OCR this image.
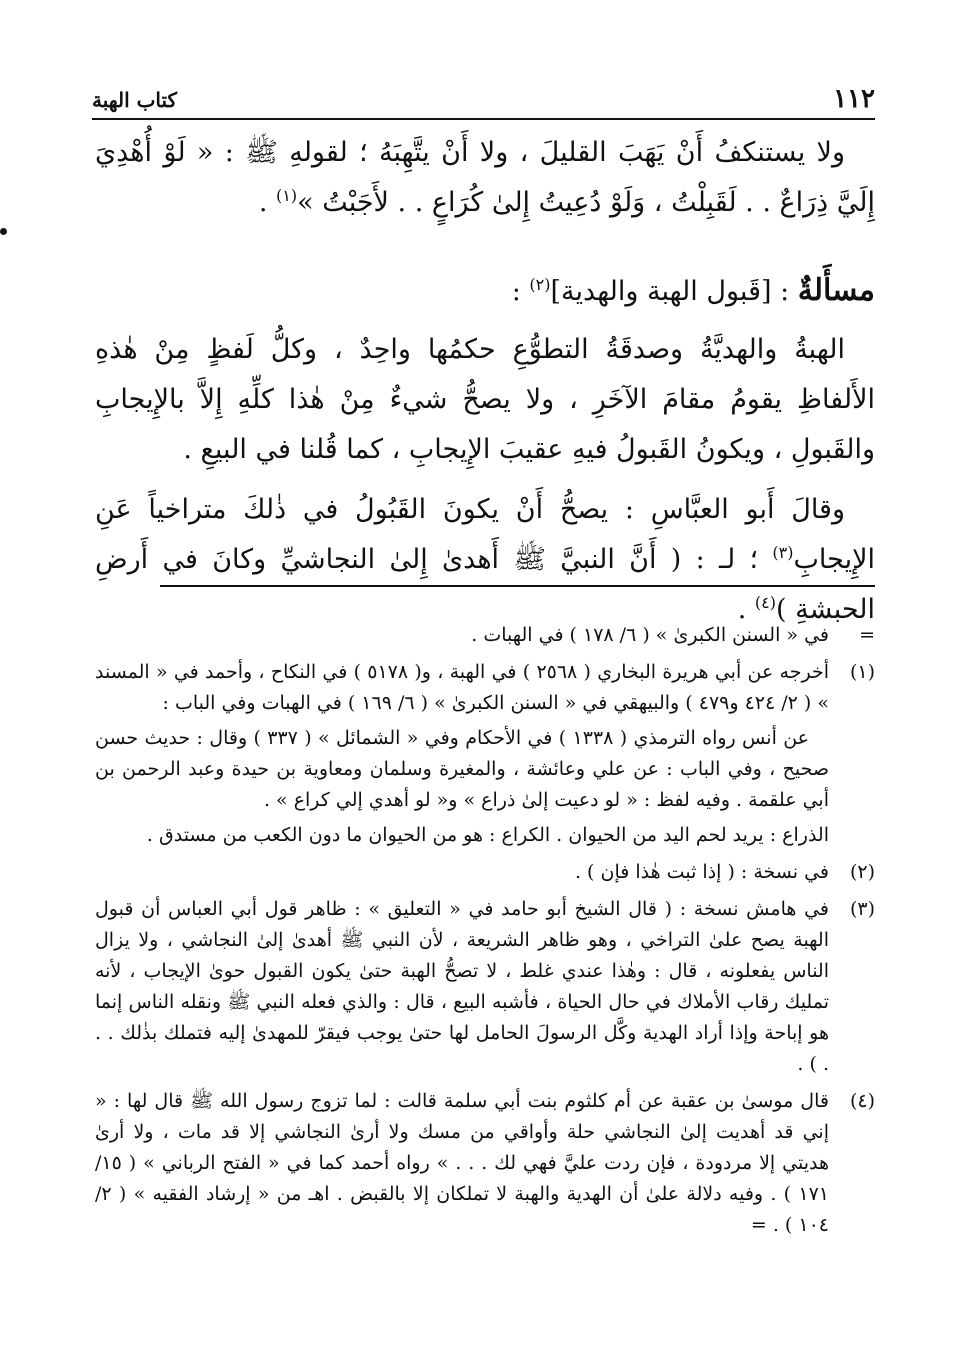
١١٢
كتاب الهبة

ولا يستنكفُ أَنْ يَهَبَ القليلَ ، ولا أَنْ يتَّهِبَهُ ؛ لقولهِ ﷺ : « لَوْ أُهْدِيَ إِلَيَّ ذِرَاعٌ . . لَقَبِلْتُ ، وَلَوْ دُعِيتُ إِلىٰ كُرَاعٍ . . لأَجَبْتُ »$^{(١)}$ .

مسأَلةٌ : [قَبول الهبة والهدية]$^{(٢)}$ :

الهبةُ والهديَّةُ وصدقَةُ التطوُّعِ حكمُها واحِدٌ ، وكلُّ لَفظٍ مِنْ هٰذهِ الأَلفاظِ يقومُ مقامَ الآخَرِ ، ولا يصحُّ شيءٌ مِنْ هٰذا كلِّهِ إِلاَّ بالإِيجابِ والقَبولِ ، ويكونُ القَبولُ فيهِ عقيبَ الإِيجابِ ، كما قُلنا في البيعِ .

وقالَ أَبو العبَّاسِ : يصحُّ أَنْ يكونَ القَبُولُ في ذٰلكَ متراخياً عَنِ الإِيجابِ$^{(٣)}$ ؛ لـ : ( أَنَّ النبيَّ ﷺ أَهدىٰ إِلىٰ النجاشيِّ وكانَ في أَرضِ الحبشةِ )$^{(٤)}$ .

=
في « السنن الكبرىٰ » ( ٦/ ١٧٨ ) في الهبات .
(١)
أخرجه عن أبي هريرة البخاري ( ٢٥٦٨ ) في الهبة ، و( ٥١٧٨ ) في النكاح ، وأحمد في « المسند » ( ٢/ ٤٢٤ و٤٧٩ ) والبيهقي في « السنن الكبرىٰ » ( ٦/ ١٦٩ ) في الهبات وفي الباب :
عن أنس رواه الترمذي ( ١٣٣٨ ) في الأحكام وفي « الشمائل » ( ٣٣٧ ) وقال : حديث حسن صحيح ، وفي الباب : عن علي وعائشة ، والمغيرة وسلمان ومعاوية بن حيدة وعبد الرحمن بن أبي علقمة . وفيه لفظ : « لو دعيت إلىٰ ذراع » و« لو أهدي إلي كراع » .
الذراع : يريد لحم اليد من الحيوان . الكراع : هو من الحيوان ما دون الكعب من مستدق .
(٢)
في نسخة : ( إذا ثبت هٰذا فإن ) .
(٣)
في هامش نسخة : ( قال الشيخ أبو حامد في « التعليق » : ظاهر قول أبي العباس أن قبول الهبة يصح علىٰ التراخي ، وهو ظاهر الشريعة ، لأن النبي ﷺ أهدىٰ إلىٰ النجاشي ، ولا يزال الناس يفعلونه ، قال : وهٰذا عندي غلط ، لا تصحُّ الهبة حتىٰ يكون القبول حوىٰ الإيجاب ، لأنه تمليك رقاب الأملاك في حال الحياة ، فأشبه البيع ، قال : والذي فعله النبي ﷺ ونقله الناس إنما هو إباحة وإذا أراد الهدية وكَّل الرسولَ الحامل لها حتىٰ يوجب فيقرّ للمهدىٰ إليه فتملك بذٰلك . . . ) .
(٤)
قال موسىٰ بن عقبة عن أم كلثوم بنت أبي سلمة قالت : لما تزوج رسول الله ﷺ قال لها : « إني قد أهديت إلىٰ النجاشي حلة وأواقي من مسك ولا أرىٰ النجاشي إلا قد مات ، ولا أرىٰ هديتي إلا مردودة ، فإن ردت عليَّ فهي لك . . . » رواه أحمد كما في « الفتح الرباني » ( ١٥/ ١٧١ ) . وفيه دلالة علىٰ أن الهدية والهبة لا تملكان إلا بالقبض . اهـ من « إرشاد الفقيه » ( ٢/ ١٠٤ ) . =
